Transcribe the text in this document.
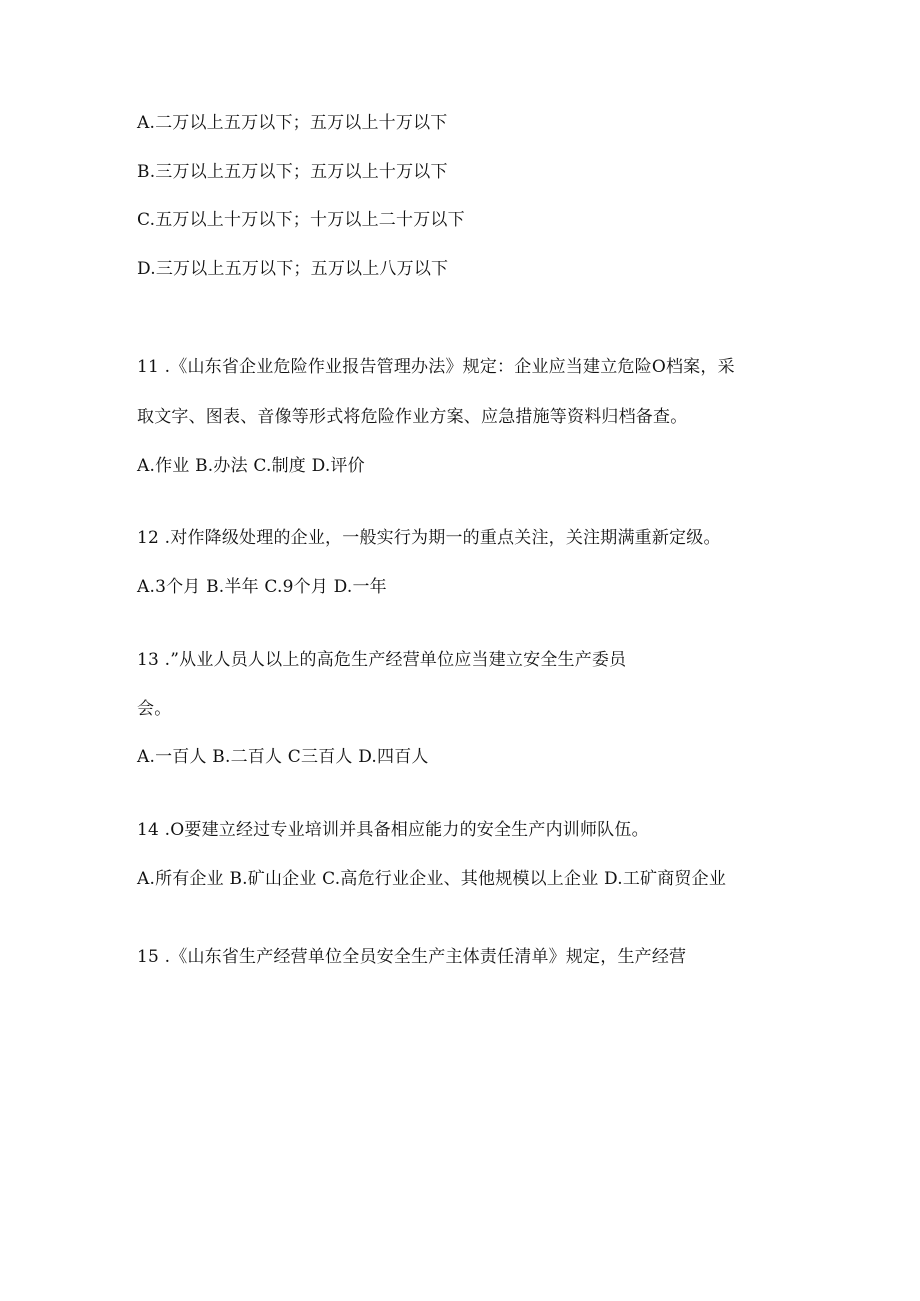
A.二万以上五万以下；五万以上十万以下
B.三万以上五万以下；五万以上十万以下
C.五万以上十万以下；十万以上二十万以下
D.三万以上五万以下；五万以上八万以下
11 .《山东省企业危险作业报告管理办法》规定：企业应当建立危险O档案，采
取文字、图表、音像等形式将危险作业方案、应急措施等资料归档备查。
A.作业 B.办法 C.制度 D.评价
12 .对作降级处理的企业，一般实行为期一的重点关注，关注期满重新定级。
A.3个月 B.半年 C.9个月 D.一年
13 .”从业人员人以上的高危生产经营单位应当建立安全生产委员
会。
A.一百人 B.二百人 C三百人 D.四百人
14 .O要建立经过专业培训并具备相应能力的安全生产内训师队伍。
A.所有企业 B.矿山企业 C.高危行业企业、其他规模以上企业 D.工矿商贸企业
15 .《山东省生产经营单位全员安全生产主体责任清单》规定，生产经营
